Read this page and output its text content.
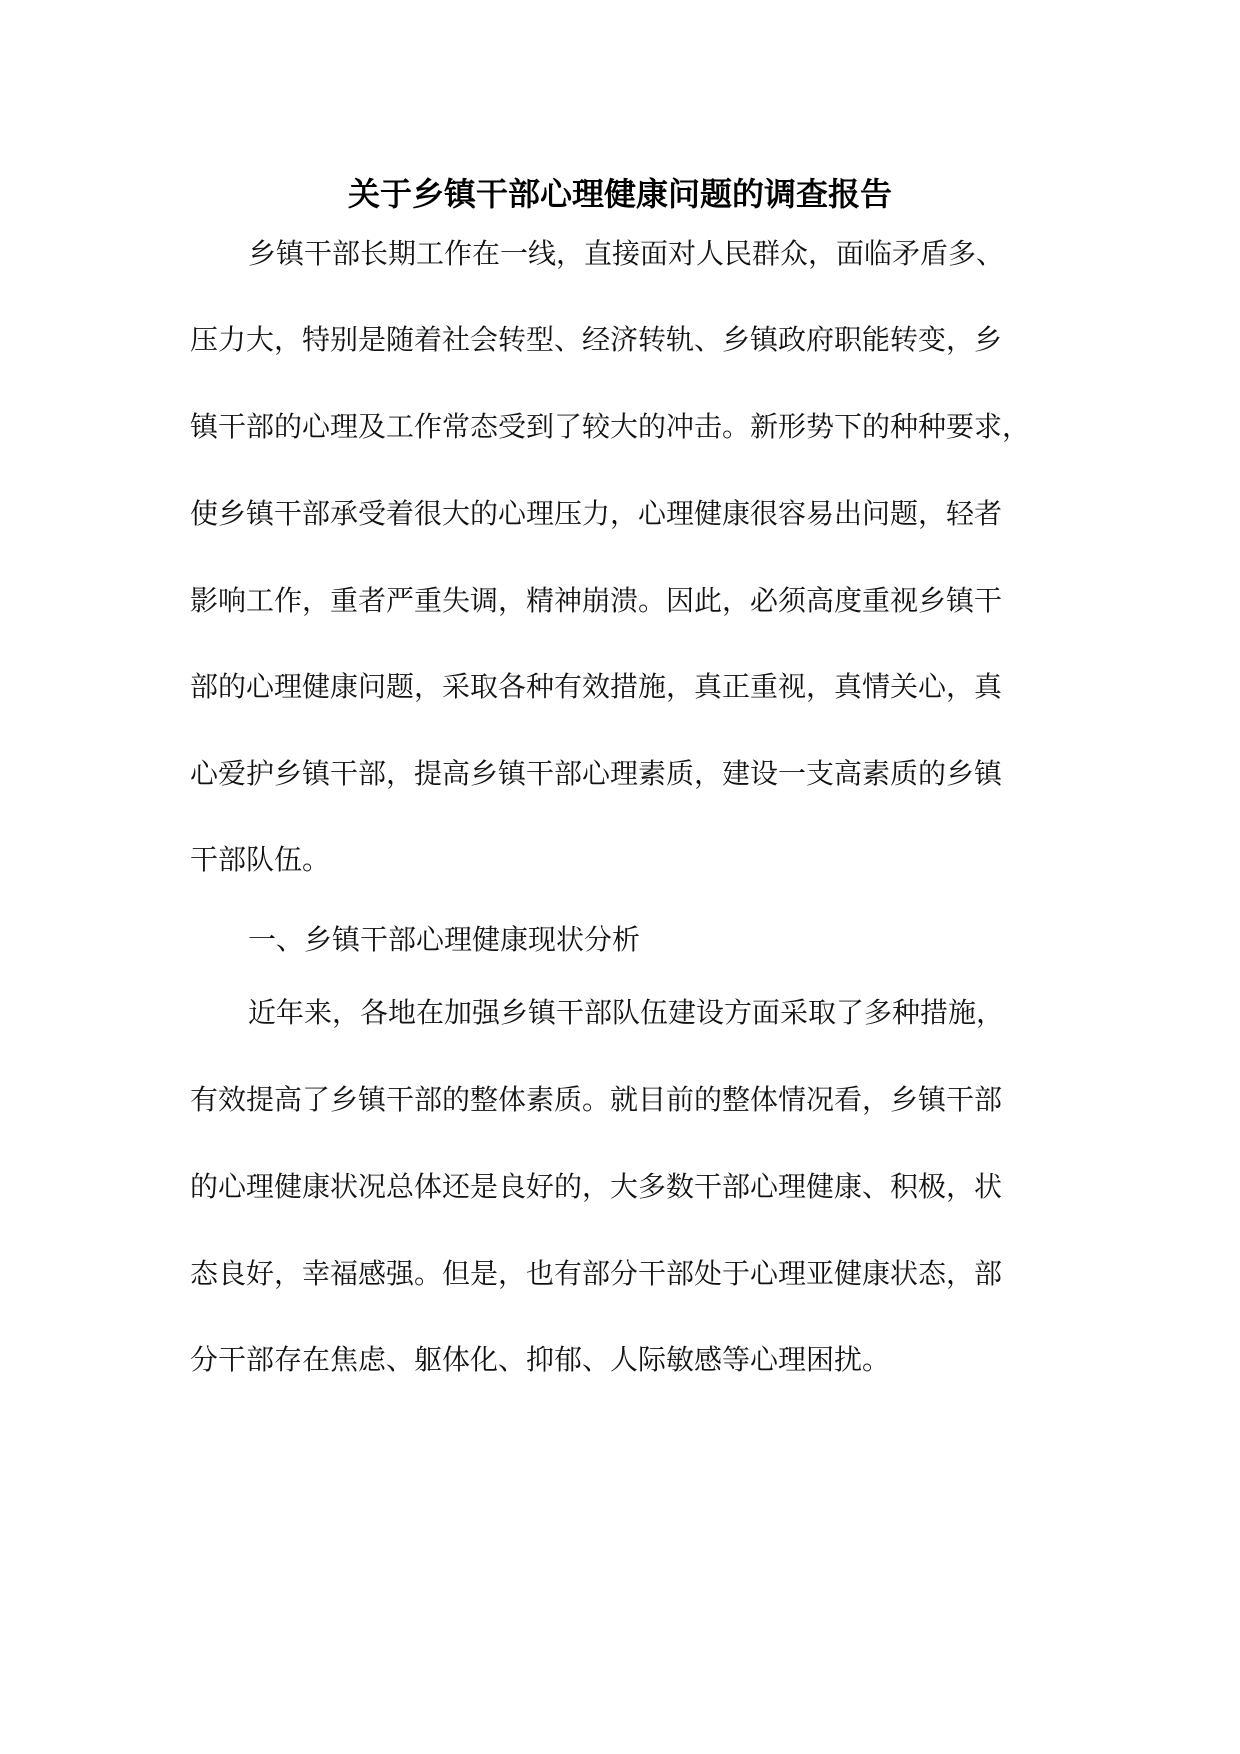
关于乡镇干部心理健康问题的调查报告
乡镇干部长期工作在一线，直接面对人民群众，面临矛盾多、
压力大，特别是随着社会转型、经济转轨、乡镇政府职能转变，乡
镇干部的心理及工作常态受到了较大的冲击。新形势下的种种要求，
使乡镇干部承受着很大的心理压力，心理健康很容易出问题，轻者
影响工作，重者严重失调，精神崩溃。因此，必须高度重视乡镇干
部的心理健康问题，采取各种有效措施，真正重视，真情关心，真
心爱护乡镇干部，提高乡镇干部心理素质，建设一支高素质的乡镇
干部队伍。
一、乡镇干部心理健康现状分析
近年来，各地在加强乡镇干部队伍建设方面采取了多种措施，
有效提高了乡镇干部的整体素质。就目前的整体情况看，乡镇干部
的心理健康状况总体还是良好的，大多数干部心理健康、积极，状
态良好，幸福感强。但是，也有部分干部处于心理亚健康状态，部
分干部存在焦虑、躯体化、抑郁、人际敏感等心理困扰。
